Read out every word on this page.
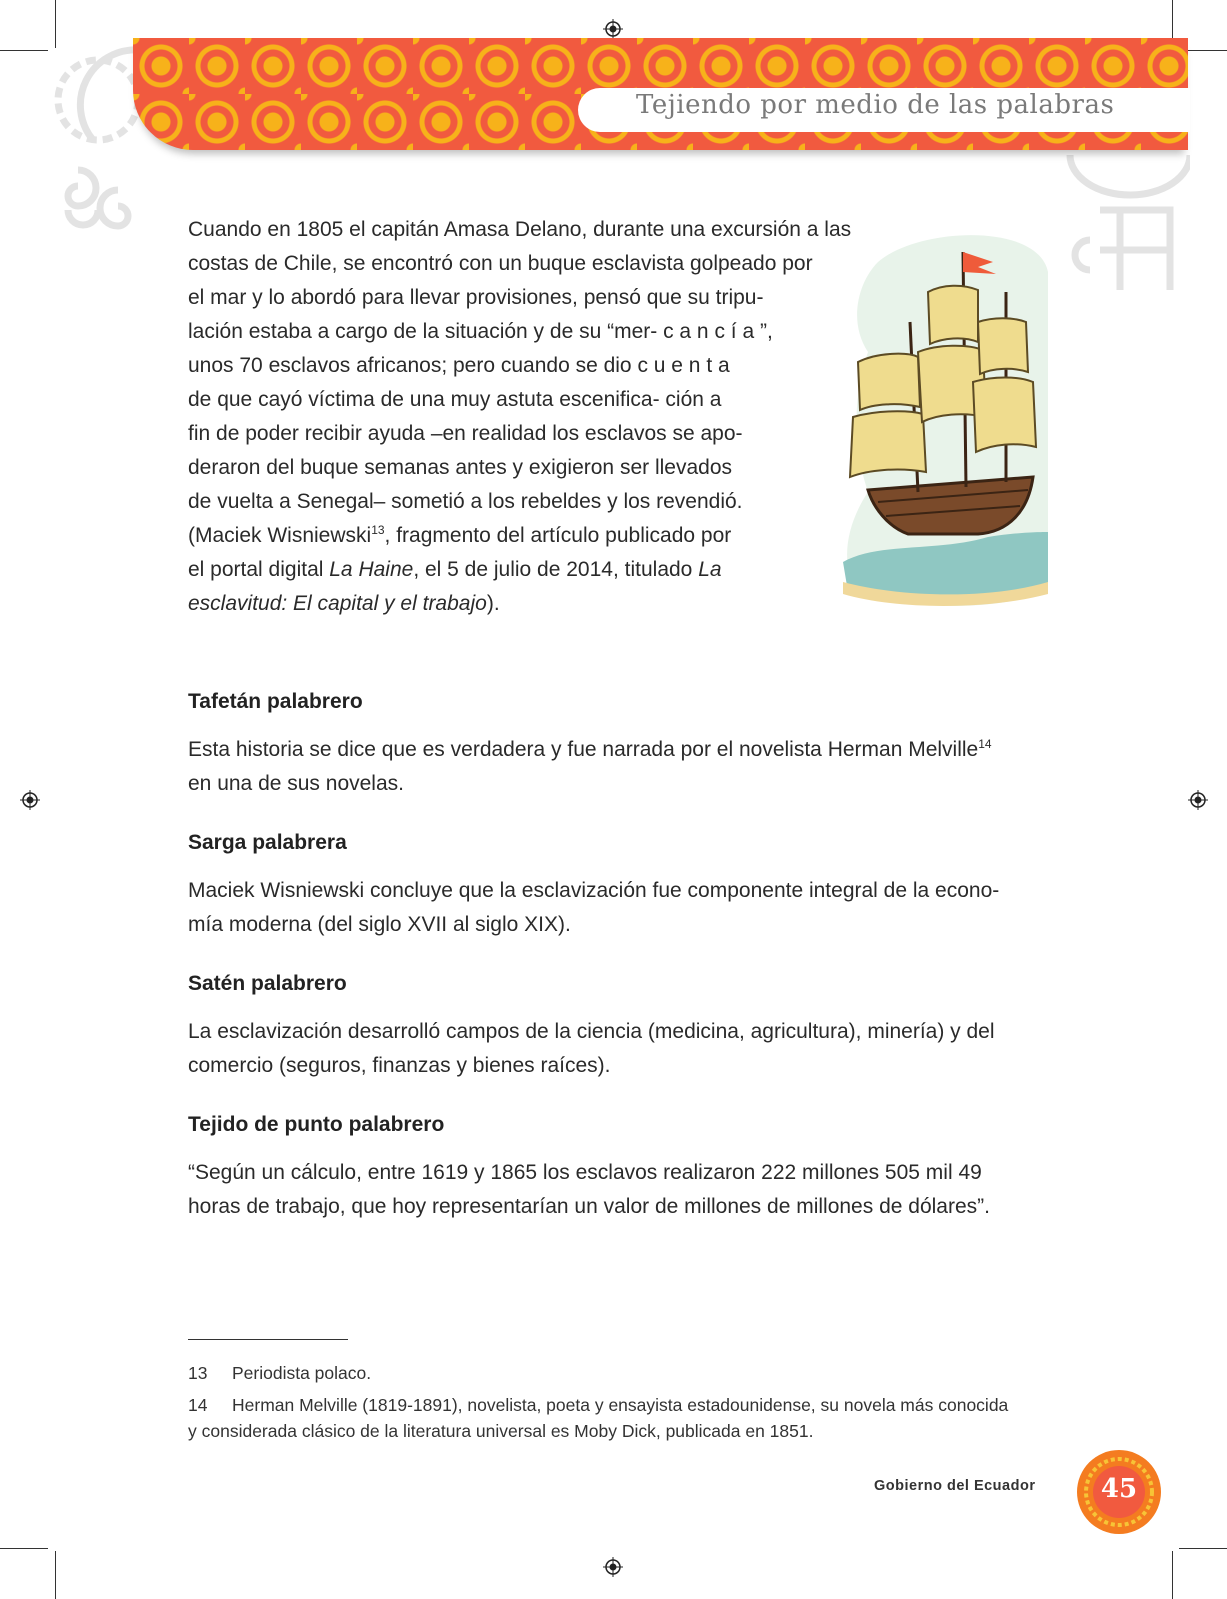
Tejiendo por medio de las palabras
Cuando en 1805 el capitán Amasa Delano, durante una excursión a las
costas de Chile, se encontró con un buque esclavista golpeado por
el mar y lo abordó para llevar provisiones, pensó que su tripu-
lación estaba a cargo de la situación y de su “mer- c a n c í a ”,
unos 70 esclavos africanos; pero cuando se dio c u e n t a
de que cayó víctima de una muy astuta escenifica- ción a
fin de poder recibir ayuda –en realidad los esclavos se apo-
deraron del buque semanas antes y exigieron ser llevados
de vuelta a Senegal– sometió a los rebeldes y los revendió.
(Maciek Wisniewski$^{13}$, fragmento del artículo publicado por
el portal digital La Haine, el 5 de julio de 2014, titulado La
esclavitud: El capital y el trabajo).
Tafetán palabrero
Esta historia se dice que es verdadera y fue narrada por el novelista Herman Melville$^{14}$
en una de sus novelas.
Sarga palabrera
Maciek Wisniewski concluye que la esclavización fue componente integral de la econo-
mía moderna (del siglo XVII al siglo XIX).
Satén palabrero
La esclavización desarrolló campos de la ciencia (medicina, agricultura), minería) y del
comercio (seguros, finanzas y bienes raíces).
Tejido de punto palabrero
“Según un cálculo, entre 1619 y 1865 los esclavos realizaron 222 millones 505 mil 49
horas de trabajo, que hoy representarían un valor de millones de millones de dólares”.
13 Periodista polaco.
14 Herman Melville (1819-1891), novelista, poeta y ensayista estadounidense, su novela más conocida
y considerada clásico de la literatura universal es Moby Dick, publicada en 1851.
Gobierno del Ecuador	45
